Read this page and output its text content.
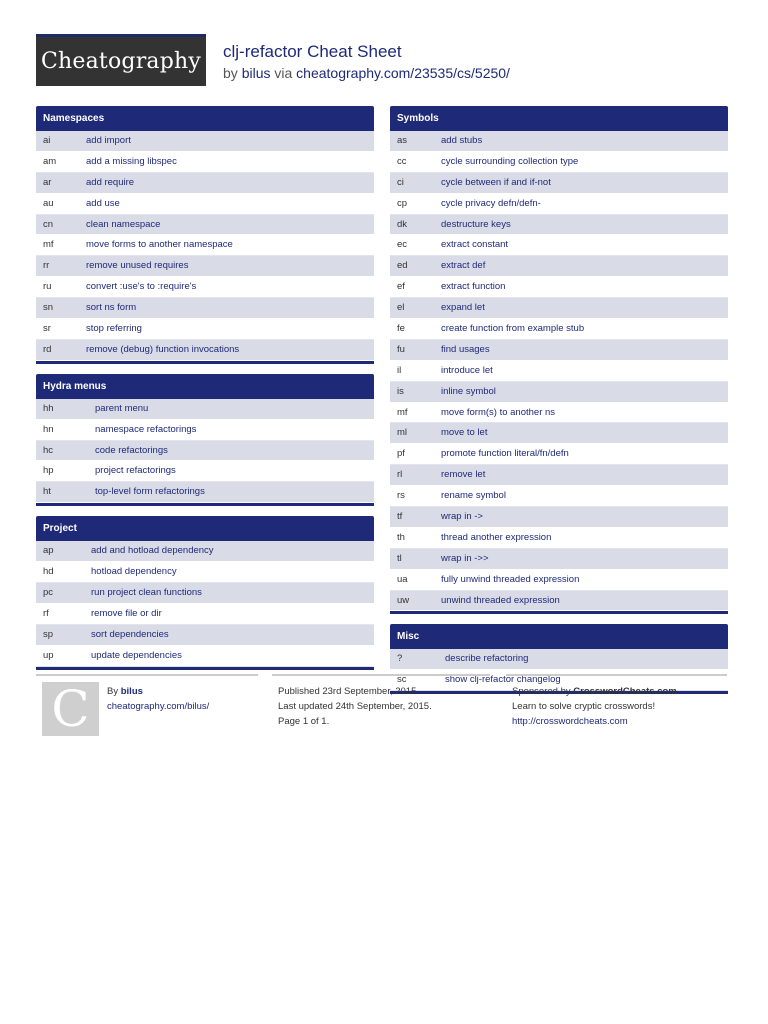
Cheatography clj-refactor Cheat Sheet
by bilus via cheatography.com/23535/cs/5250/
Namespaces
ai	add import
am	add a missing libspec
ar	add require
au	add use
cn	clean namespace
mf	move forms to another namespace
rr	remove unused requires
ru	convert :use's to :require's
sn	sort ns form
sr	stop referring
rd	remove (debug) function invocations
Hydra menus
hh	parent menu
hn	namespace refactorings
hc	code refactorings
hp	project refactorings
ht	top-level form refactorings
Project
ap	add and hotload dependency
hd	hotload dependency
pc	run project clean functions
rf	remove file or dir
sp	sort dependencies
up	update dependencies
Symbols
as	add stubs
cc	cycle surrounding collection type
ci	cycle between if and if-not
cp	cycle privacy defn/defn-
dk	destructure keys
ec	extract constant
ed	extract def
ef	extract function
el	expand let
fe	create function from example stub
fu	find usages
il	introduce let
is	inline symbol
mf	move form(s) to another ns
ml	move to let
pf	promote function literal/fn/defn
rl	remove let
rs	rename symbol
tf	wrap in ->
th	thread another expression
tl	wrap in ->>
ua	fully unwind threaded expression
uw	unwind threaded expression
Misc
?	describe refactoring
sc	show clj-refactor changelog
C	By bilus
cheatography.com/bilus/
Published 23rd September, 2015.
Last updated 24th September, 2015.
Page 1 of 1.
Sponsored by CrosswordCheats.com
Learn to solve cryptic crosswords!
http://crosswordcheats.com
